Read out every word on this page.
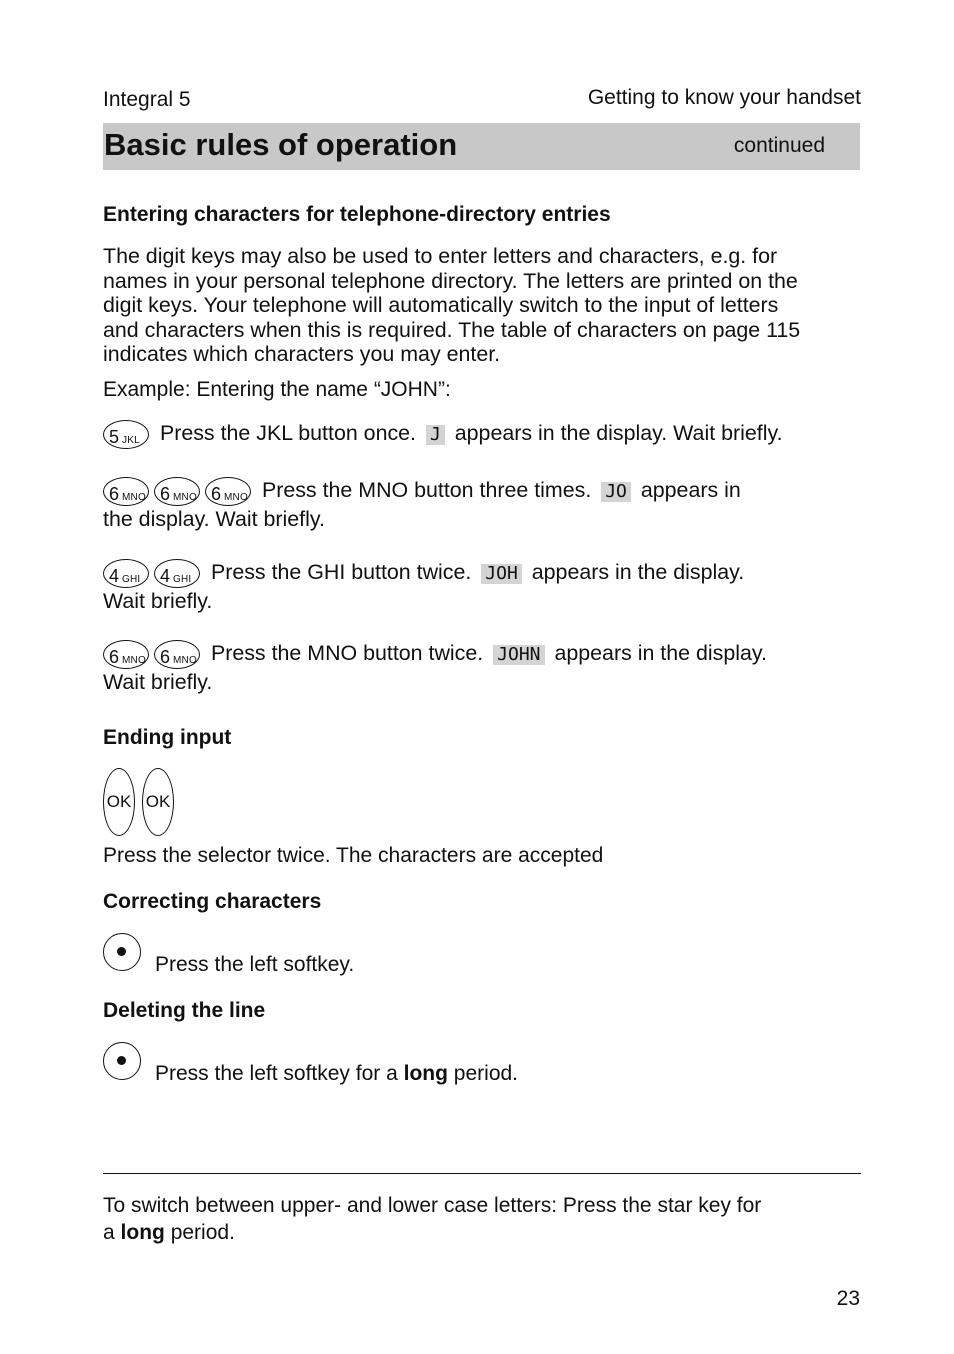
Integral 5	Getting to know your handset
Basic rules of operation	continued
Entering characters for telephone-directory entries
The digit keys may also be used to enter letters and characters, e.g. for
names in your personal telephone directory. The letters are printed on the
digit keys. Your telephone will automatically switch to the input of letters
and characters when this is required. The table of characters on page 115
indicates which characters you may enter.
Example: Entering the name “JOHN”:
5 JKL Press the JKL button once. J appears in the display. Wait briefly.
6 MNO 6 MNO 6 MNO Press the MNO button three times. JO appears in
the display. Wait briefly.
4 GHI 4 GHI Press the GHI button twice. JOH appears in the display.
Wait briefly.
6 MNO 6 MNO Press the MNO button twice. JOHN appears in the display.
Wait briefly.
Ending input
OK OK
Press the selector twice. The characters are accepted
Correcting characters
Press the left softkey.
Deleting the line
Press the left softkey for a long period.
To switch between upper- and lower case letters: Press the star key for
a long period.
23
